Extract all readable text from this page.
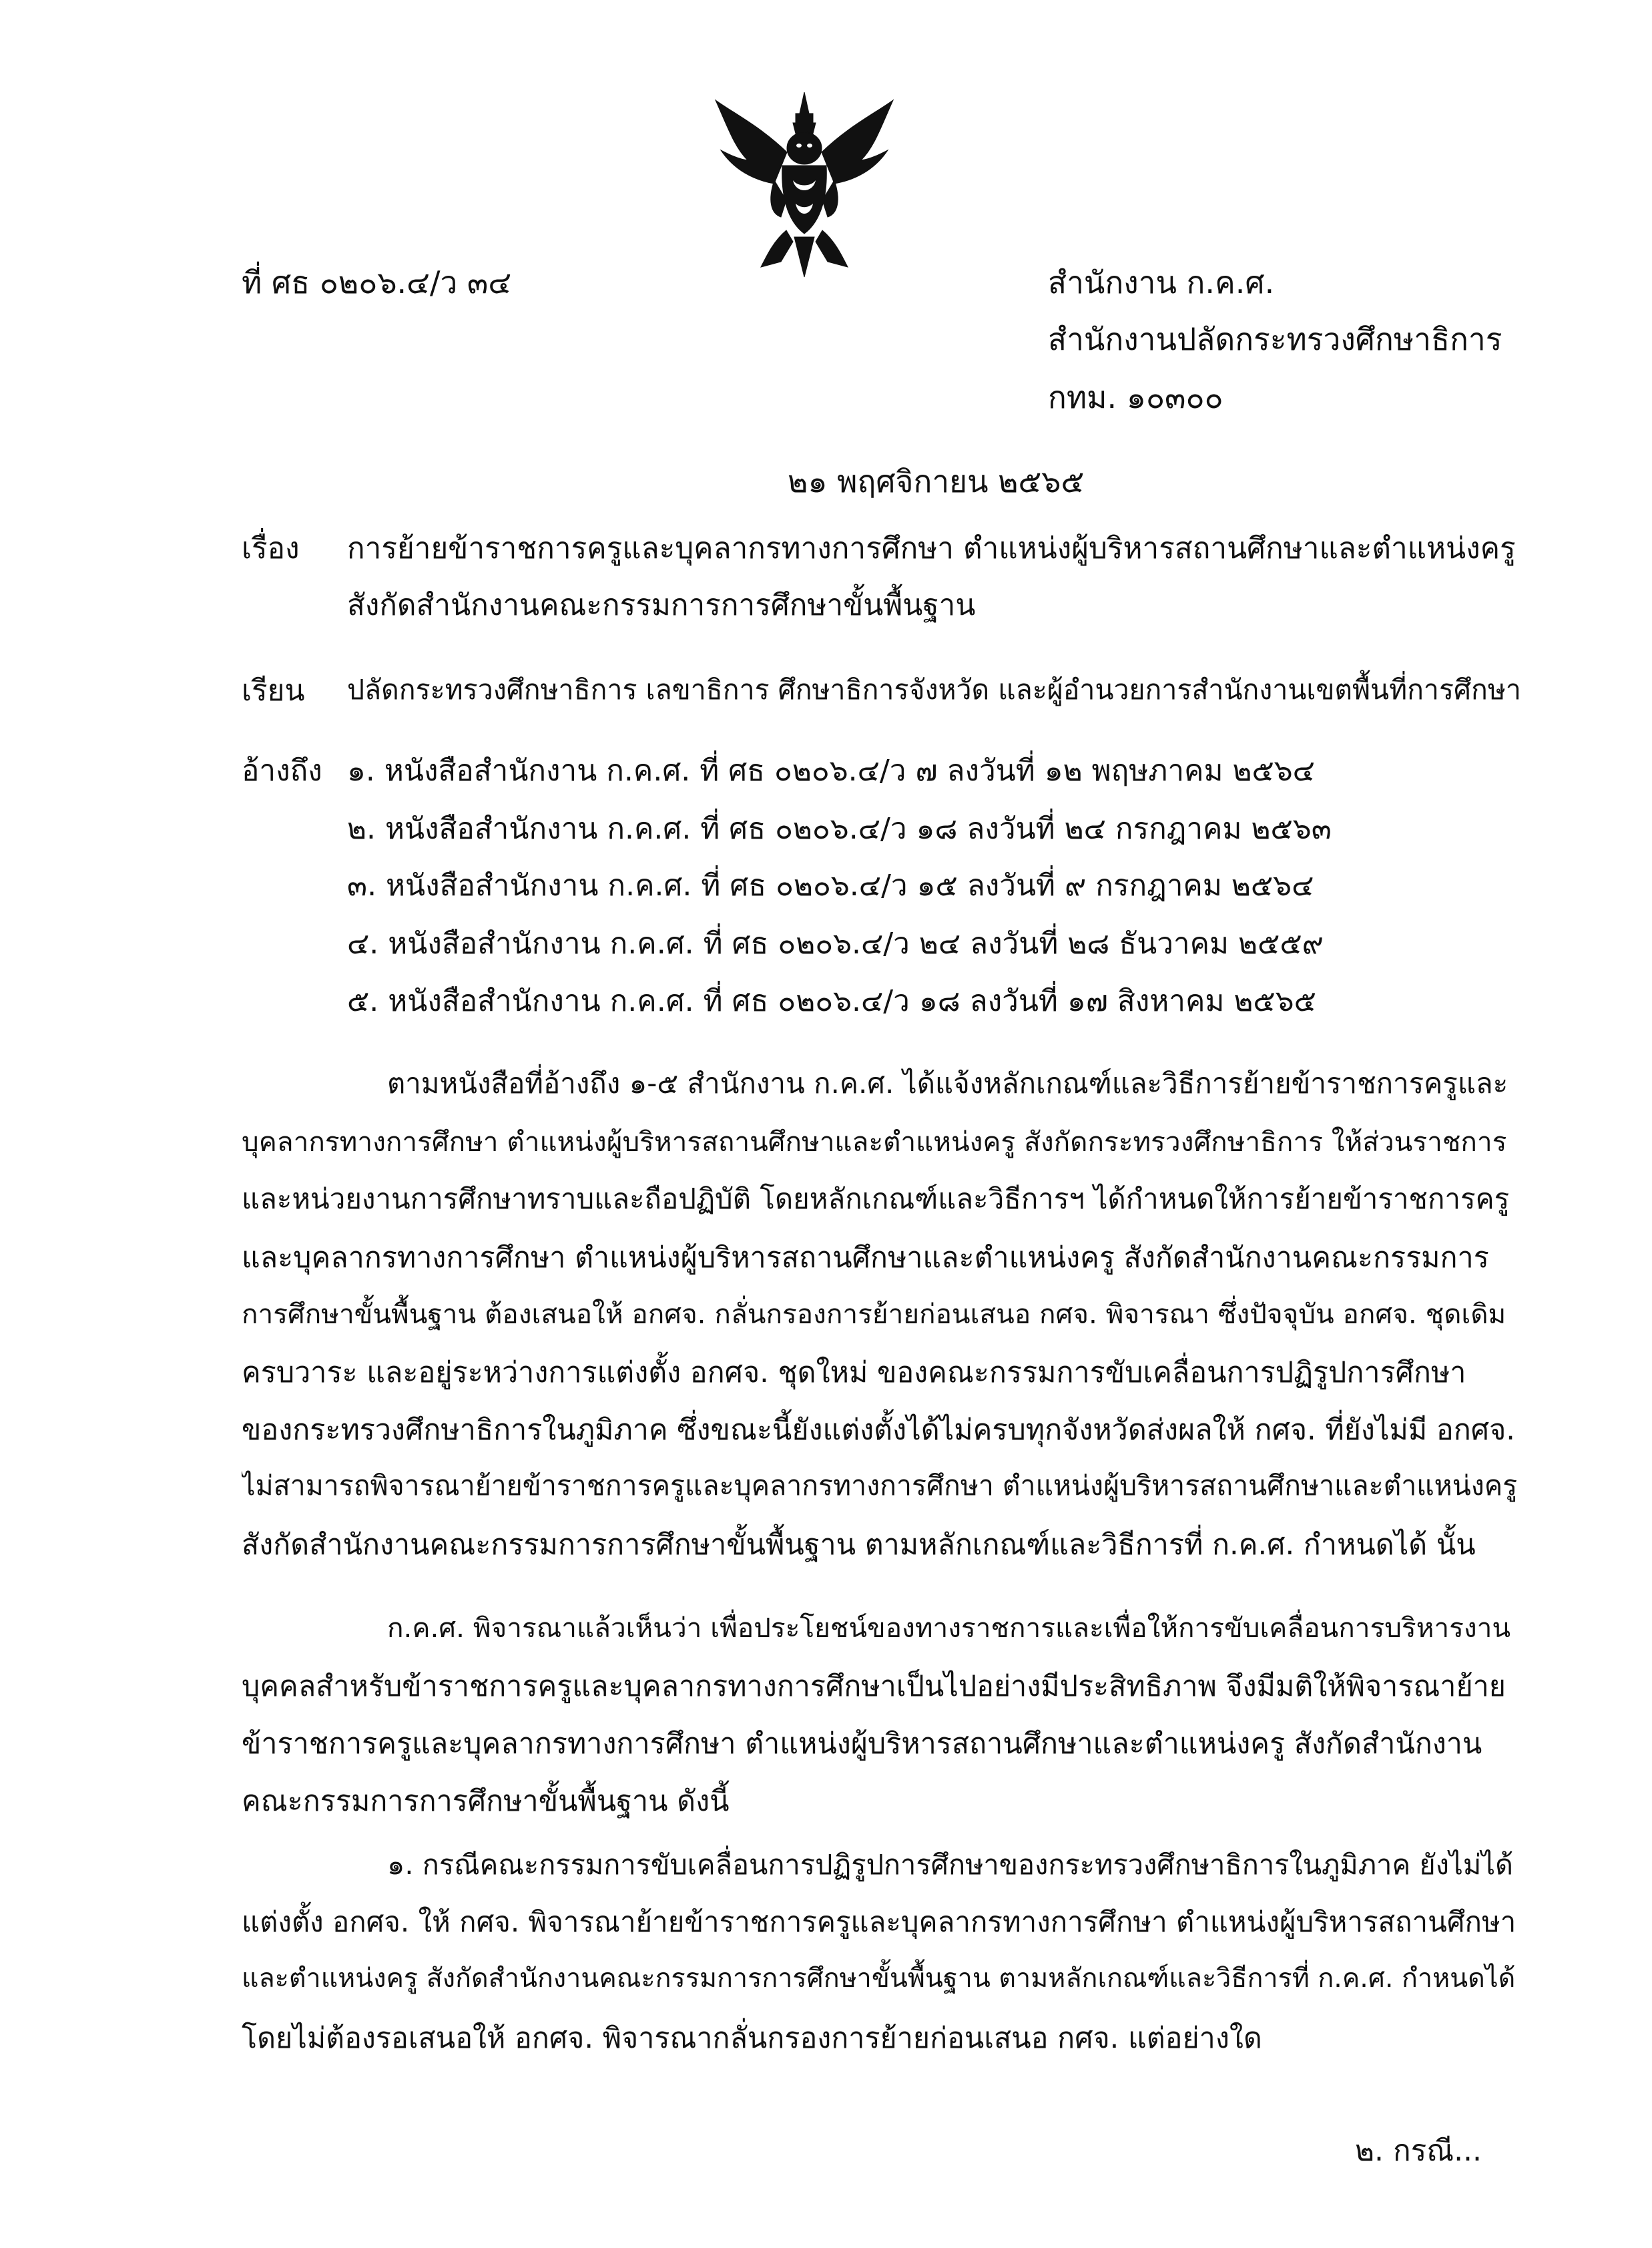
ที่ ศธ ๐๒๐๖.๔/ว ๓๔	สำนักงาน ก.ค.ศ.
สำนักงานปลัดกระทรวงศึกษาธิการ
กทม. ๑๐๓๐๐
๒๑ พฤศจิกายน ๒๕๖๕
เรื่อง การย้ายข้าราชการครูและบุคลากรทางการศึกษา ตำแหน่งผู้บริหารสถานศึกษาและตำแหน่งครู
สังกัดสำนักงานคณะกรรมการการศึกษาขั้นพื้นฐาน
เรียน ปลัดกระทรวงศึกษาธิการ เลขาธิการ ศึกษาธิการจังหวัด และผู้อำนวยการสำนักงานเขตพื้นที่การศึกษา
อ้างถึง ๑. หนังสือสำนักงาน ก.ค.ศ. ที่ ศธ ๐๒๐๖.๔/ว ๗ ลงวันที่ ๑๒ พฤษภาคม ๒๕๖๔
๒. หนังสือสำนักงาน ก.ค.ศ. ที่ ศธ ๐๒๐๖.๔/ว ๑๘ ลงวันที่ ๒๔ กรกฎาคม ๒๕๖๓
๓. หนังสือสำนักงาน ก.ค.ศ. ที่ ศธ ๐๒๐๖.๔/ว ๑๕ ลงวันที่ ๙ กรกฎาคม ๒๕๖๔
๔. หนังสือสำนักงาน ก.ค.ศ. ที่ ศธ ๐๒๐๖.๔/ว ๒๔ ลงวันที่ ๒๘ ธันวาคม ๒๕๕๙
๕. หนังสือสำนักงาน ก.ค.ศ. ที่ ศธ ๐๒๐๖.๔/ว ๑๘ ลงวันที่ ๑๗ สิงหาคม ๒๕๖๕
ตามหนังสือที่อ้างถึง ๑-๕ สำนักงาน ก.ค.ศ. ได้แจ้งหลักเกณฑ์และวิธีการย้ายข้าราชการครูและ
บุคลากรทางการศึกษา ตำแหน่งผู้บริหารสถานศึกษาและตำแหน่งครู สังกัดกระทรวงศึกษาธิการ ให้ส่วนราชการ
และหน่วยงานการศึกษาทราบและถือปฏิบัติ โดยหลักเกณฑ์และวิธีการฯ ได้กำหนดให้การย้ายข้าราชการครู
และบุคลากรทางการศึกษา ตำแหน่งผู้บริหารสถานศึกษาและตำแหน่งครู สังกัดสำนักงานคณะกรรมการ
การศึกษาขั้นพื้นฐาน ต้องเสนอให้ อกศจ. กลั่นกรองการย้ายก่อนเสนอ กศจ. พิจารณา ซึ่งปัจจุบัน อกศจ. ชุดเดิม
ครบวาระ และอยู่ระหว่างการแต่งตั้ง อกศจ. ชุดใหม่ ของคณะกรรมการขับเคลื่อนการปฏิรูปการศึกษา
ของกระทรวงศึกษาธิการในภูมิภาค ซึ่งขณะนี้ยังแต่งตั้งได้ไม่ครบทุกจังหวัดส่งผลให้ กศจ. ที่ยังไม่มี อกศจ.
ไม่สามารถพิจารณาย้ายข้าราชการครูและบุคลากรทางการศึกษา ตำแหน่งผู้บริหารสถานศึกษาและตำแหน่งครู
สังกัดสำนักงานคณะกรรมการการศึกษาขั้นพื้นฐาน ตามหลักเกณฑ์และวิธีการที่ ก.ค.ศ. กำหนดได้ นั้น
ก.ค.ศ. พิจารณาแล้วเห็นว่า เพื่อประโยชน์ของทางราชการและเพื่อให้การขับเคลื่อนการบริหารงาน
บุคคลสำหรับข้าราชการครูและบุคลากรทางการศึกษาเป็นไปอย่างมีประสิทธิภาพ จึงมีมติให้พิจารณาย้าย
ข้าราชการครูและบุคลากรทางการศึกษา ตำแหน่งผู้บริหารสถานศึกษาและตำแหน่งครู สังกัดสำนักงาน
คณะกรรมการการศึกษาขั้นพื้นฐาน ดังนี้
๑. กรณีคณะกรรมการขับเคลื่อนการปฏิรูปการศึกษาของกระทรวงศึกษาธิการในภูมิภาค ยังไม่ได้
แต่งตั้ง อกศจ. ให้ กศจ. พิจารณาย้ายข้าราชการครูและบุคลากรทางการศึกษา ตำแหน่งผู้บริหารสถานศึกษา
และตำแหน่งครู สังกัดสำนักงานคณะกรรมการการศึกษาขั้นพื้นฐาน ตามหลักเกณฑ์และวิธีการที่ ก.ค.ศ. กำหนดได้
โดยไม่ต้องรอเสนอให้ อกศจ. พิจารณากลั่นกรองการย้ายก่อนเสนอ กศจ. แต่อย่างใด
๒. กรณี...
